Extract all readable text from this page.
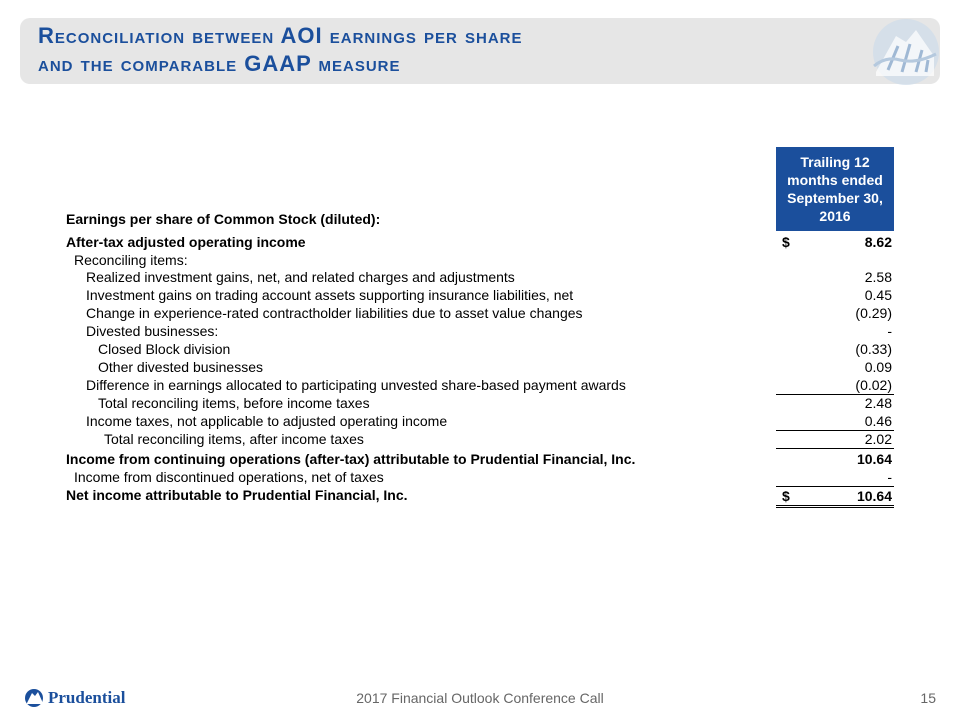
Reconciliation between AOI earnings per share
and the comparable GAAP measure
Trailing 12 months ended September 30, 2016
Earnings per share of Common Stock (diluted):
After-tax adjusted operating income	$	8.62
Reconciling items:
Realized investment gains, net, and related charges and adjustments	2.58
Investment gains on trading account assets supporting insurance liabilities, net	0.45
Change in experience-rated contractholder liabilities due to asset value changes	(0.29)
Divested businesses:	-
Closed Block division	(0.33)
Other divested businesses	0.09
Difference in earnings allocated to participating unvested share-based payment awards	(0.02)
Total reconciling items, before income taxes	2.48
Income taxes, not applicable to adjusted operating income	0.46
Total reconciling items, after income taxes	2.02
Income from continuing operations (after-tax) attributable to Prudential Financial, Inc.	10.64
Income from discontinued operations, net of taxes	-
Net income attributable to Prudential Financial, Inc.	$	10.64
Prudential	2017 Financial Outlook Conference Call	15
